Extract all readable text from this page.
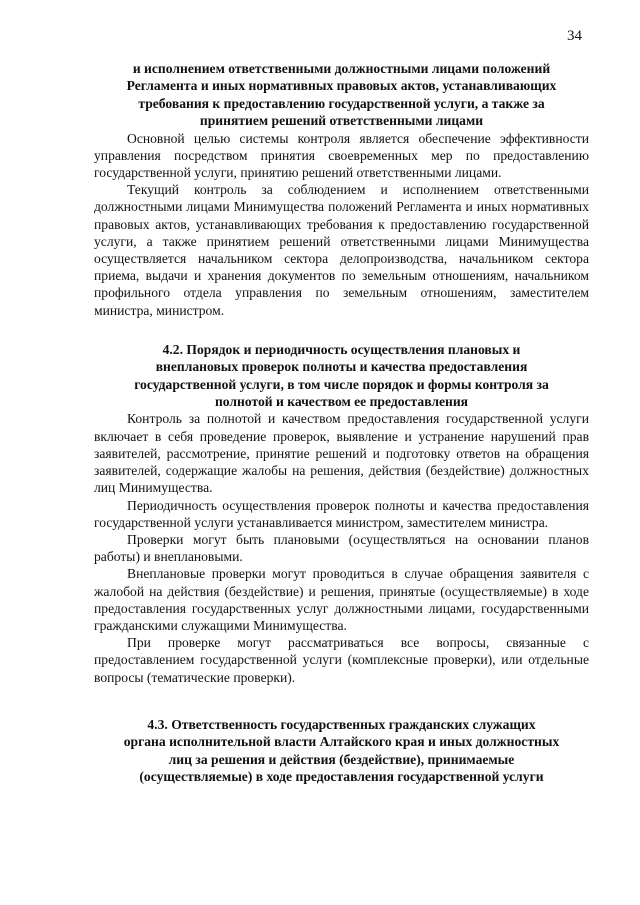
34

и исполнением ответственными должностными лицами положений
Регламента и иных нормативных правовых актов, устанавливающих
требования к предоставлению государственной услуги, а также за
принятием решений ответственными лицами

Основной целью системы контроля является обеспечение эффективности управления посредством принятия своевременных мер по предоставлению государственной услуги, принятию решений ответственными лицами.

Текущий контроль за соблюдением и исполнением ответственными должностными лицами Минимущества положений Регламента и иных нормативных правовых актов, устанавливающих требования к предоставлению государственной услуги, а также принятием решений ответственными лицами Минимущества осуществляется начальником сектора делопроизводства, начальником сектора приема, выдачи и хранения документов по земельным отношениям, начальником профильного отдела управления по земельным отношениям, заместителем министра, министром.

4.2. Порядок и периодичность осуществления плановых и
внеплановых проверок полноты и качества предоставления
государственной услуги, в том числе порядок и формы контроля за
полнотой и качеством ее предоставления

Контроль за полнотой и качеством предоставления государственной услуги включает в себя проведение проверок, выявление и устранение нарушений прав заявителей, рассмотрение, принятие решений и подготовку ответов на обращения заявителей, содержащие жалобы на решения, действия (бездействие) должностных лиц Минимущества.

Периодичность осуществления проверок полноты и качества предоставления государственной услуги устанавливается министром, заместителем министра.

Проверки могут быть плановыми (осуществляться на основании планов работы) и внеплановыми.

Внеплановые проверки могут проводиться в случае обращения заявителя с жалобой на действия (бездействие) и решения, принятые (осуществляемые) в ходе предоставления государственных услуг должностными лицами, государственными гражданскими служащими Минимущества.

При проверке могут рассматриваться все вопросы, связанные с предоставлением государственной услуги (комплексные проверки), или отдельные вопросы (тематические проверки).

4.3. Ответственность государственных гражданских служащих
органа исполнительной власти Алтайского края и иных должностных
лиц за решения и действия (бездействие), принимаемые
(осуществляемые) в ходе предоставления государственной услуги
